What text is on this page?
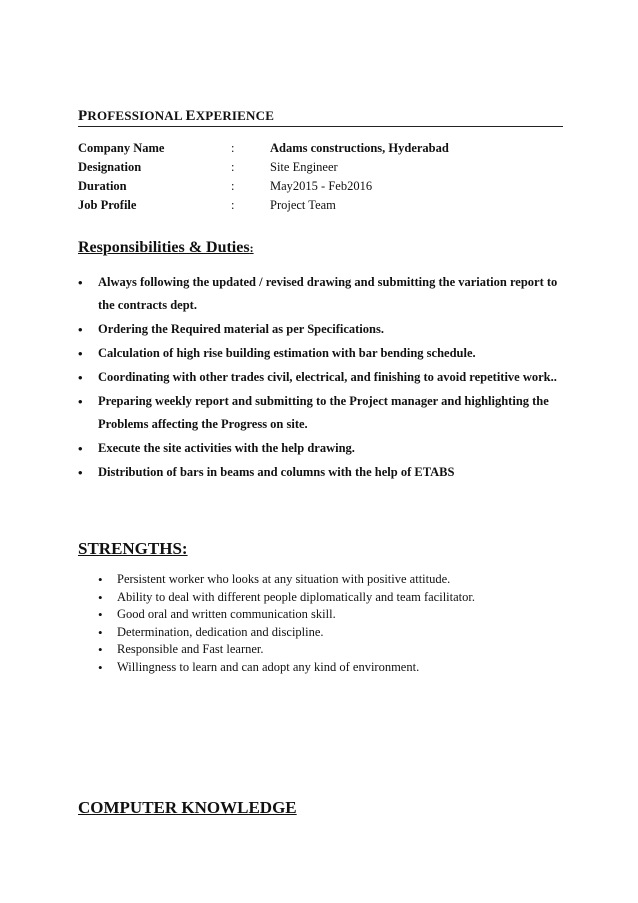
PROFESSIONAL EXPERIENCE
Company Name	:	Adams constructions, Hyderabad
Designation	:	Site Engineer
Duration	:	May2015 - Feb2016
Job Profile	:	Project Team
Responsibilities & Duties:
• Always following the updated / revised drawing and submitting the variation report to the contracts dept.
• Ordering the Required material as per Specifications.
• Calculation of high rise building estimation with bar bending schedule.
• Coordinating with other trades civil, electrical, and finishing to avoid repetitive work..
• Preparing weekly report and submitting to the Project manager and highlighting the Problems affecting the Progress on site.
• Execute the site activities with the help drawing.
• Distribution of bars in beams and columns with the help of ETABS
STRENGTHS:
• Persistent worker who looks at any situation with positive attitude.
• Ability to deal with different people diplomatically and team facilitator.
• Good oral and written communication skill.
• Determination, dedication and discipline.
• Responsible and Fast learner.
• Willingness to learn and can adopt any kind of environment.
COMPUTER KNOWLEDGE
